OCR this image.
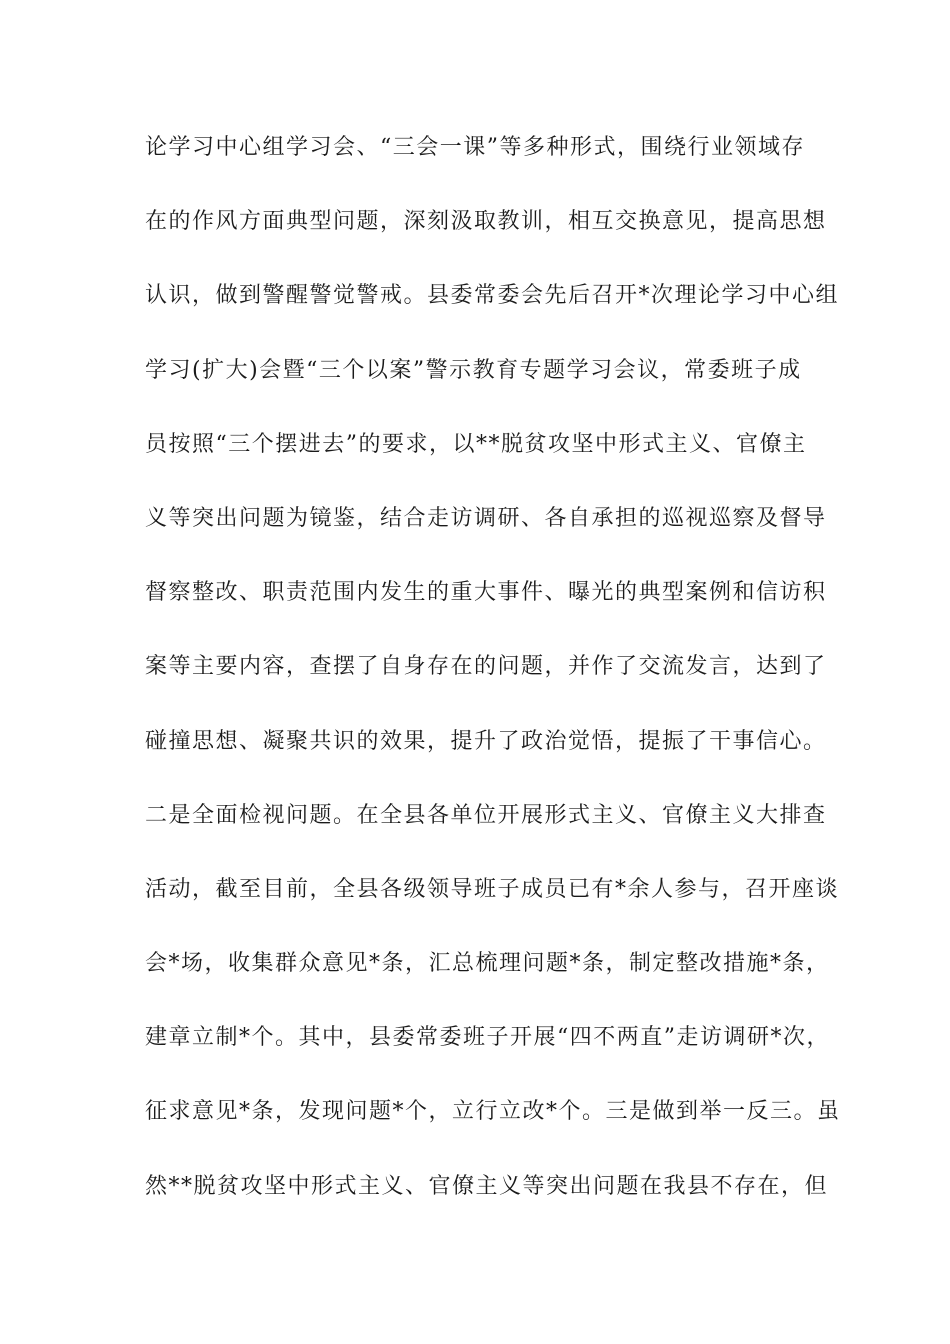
论学习中心组学习会、“三会一课”等多种形式，围绕行业领域存
在的作风方面典型问题，深刻汲取教训，相互交换意见，提高思想
认识，做到警醒警觉警戒。县委常委会先后召开*次理论学习中心组
学习(扩大)会暨“三个以案”警示教育专题学习会议，常委班子成
员按照“三个摆进去”的要求，以**脱贫攻坚中形式主义、官僚主
义等突出问题为镜鉴，结合走访调研、各自承担的巡视巡察及督导
督察整改、职责范围内发生的重大事件、曝光的典型案例和信访积
案等主要内容，查摆了自身存在的问题，并作了交流发言，达到了
碰撞思想、凝聚共识的效果，提升了政治觉悟，提振了干事信心。
二是全面检视问题。在全县各单位开展形式主义、官僚主义大排查
活动，截至目前，全县各级领导班子成员已有*余人参与，召开座谈
会*场，收集群众意见*条，汇总梳理问题*条，制定整改措施*条，
建章立制*个。其中，县委常委班子开展“四不两直”走访调研*次，
征求意见*条，发现问题*个，立行立改*个。三是做到举一反三。虽
然**脱贫攻坚中形式主义、官僚主义等突出问题在我县不存在，但
